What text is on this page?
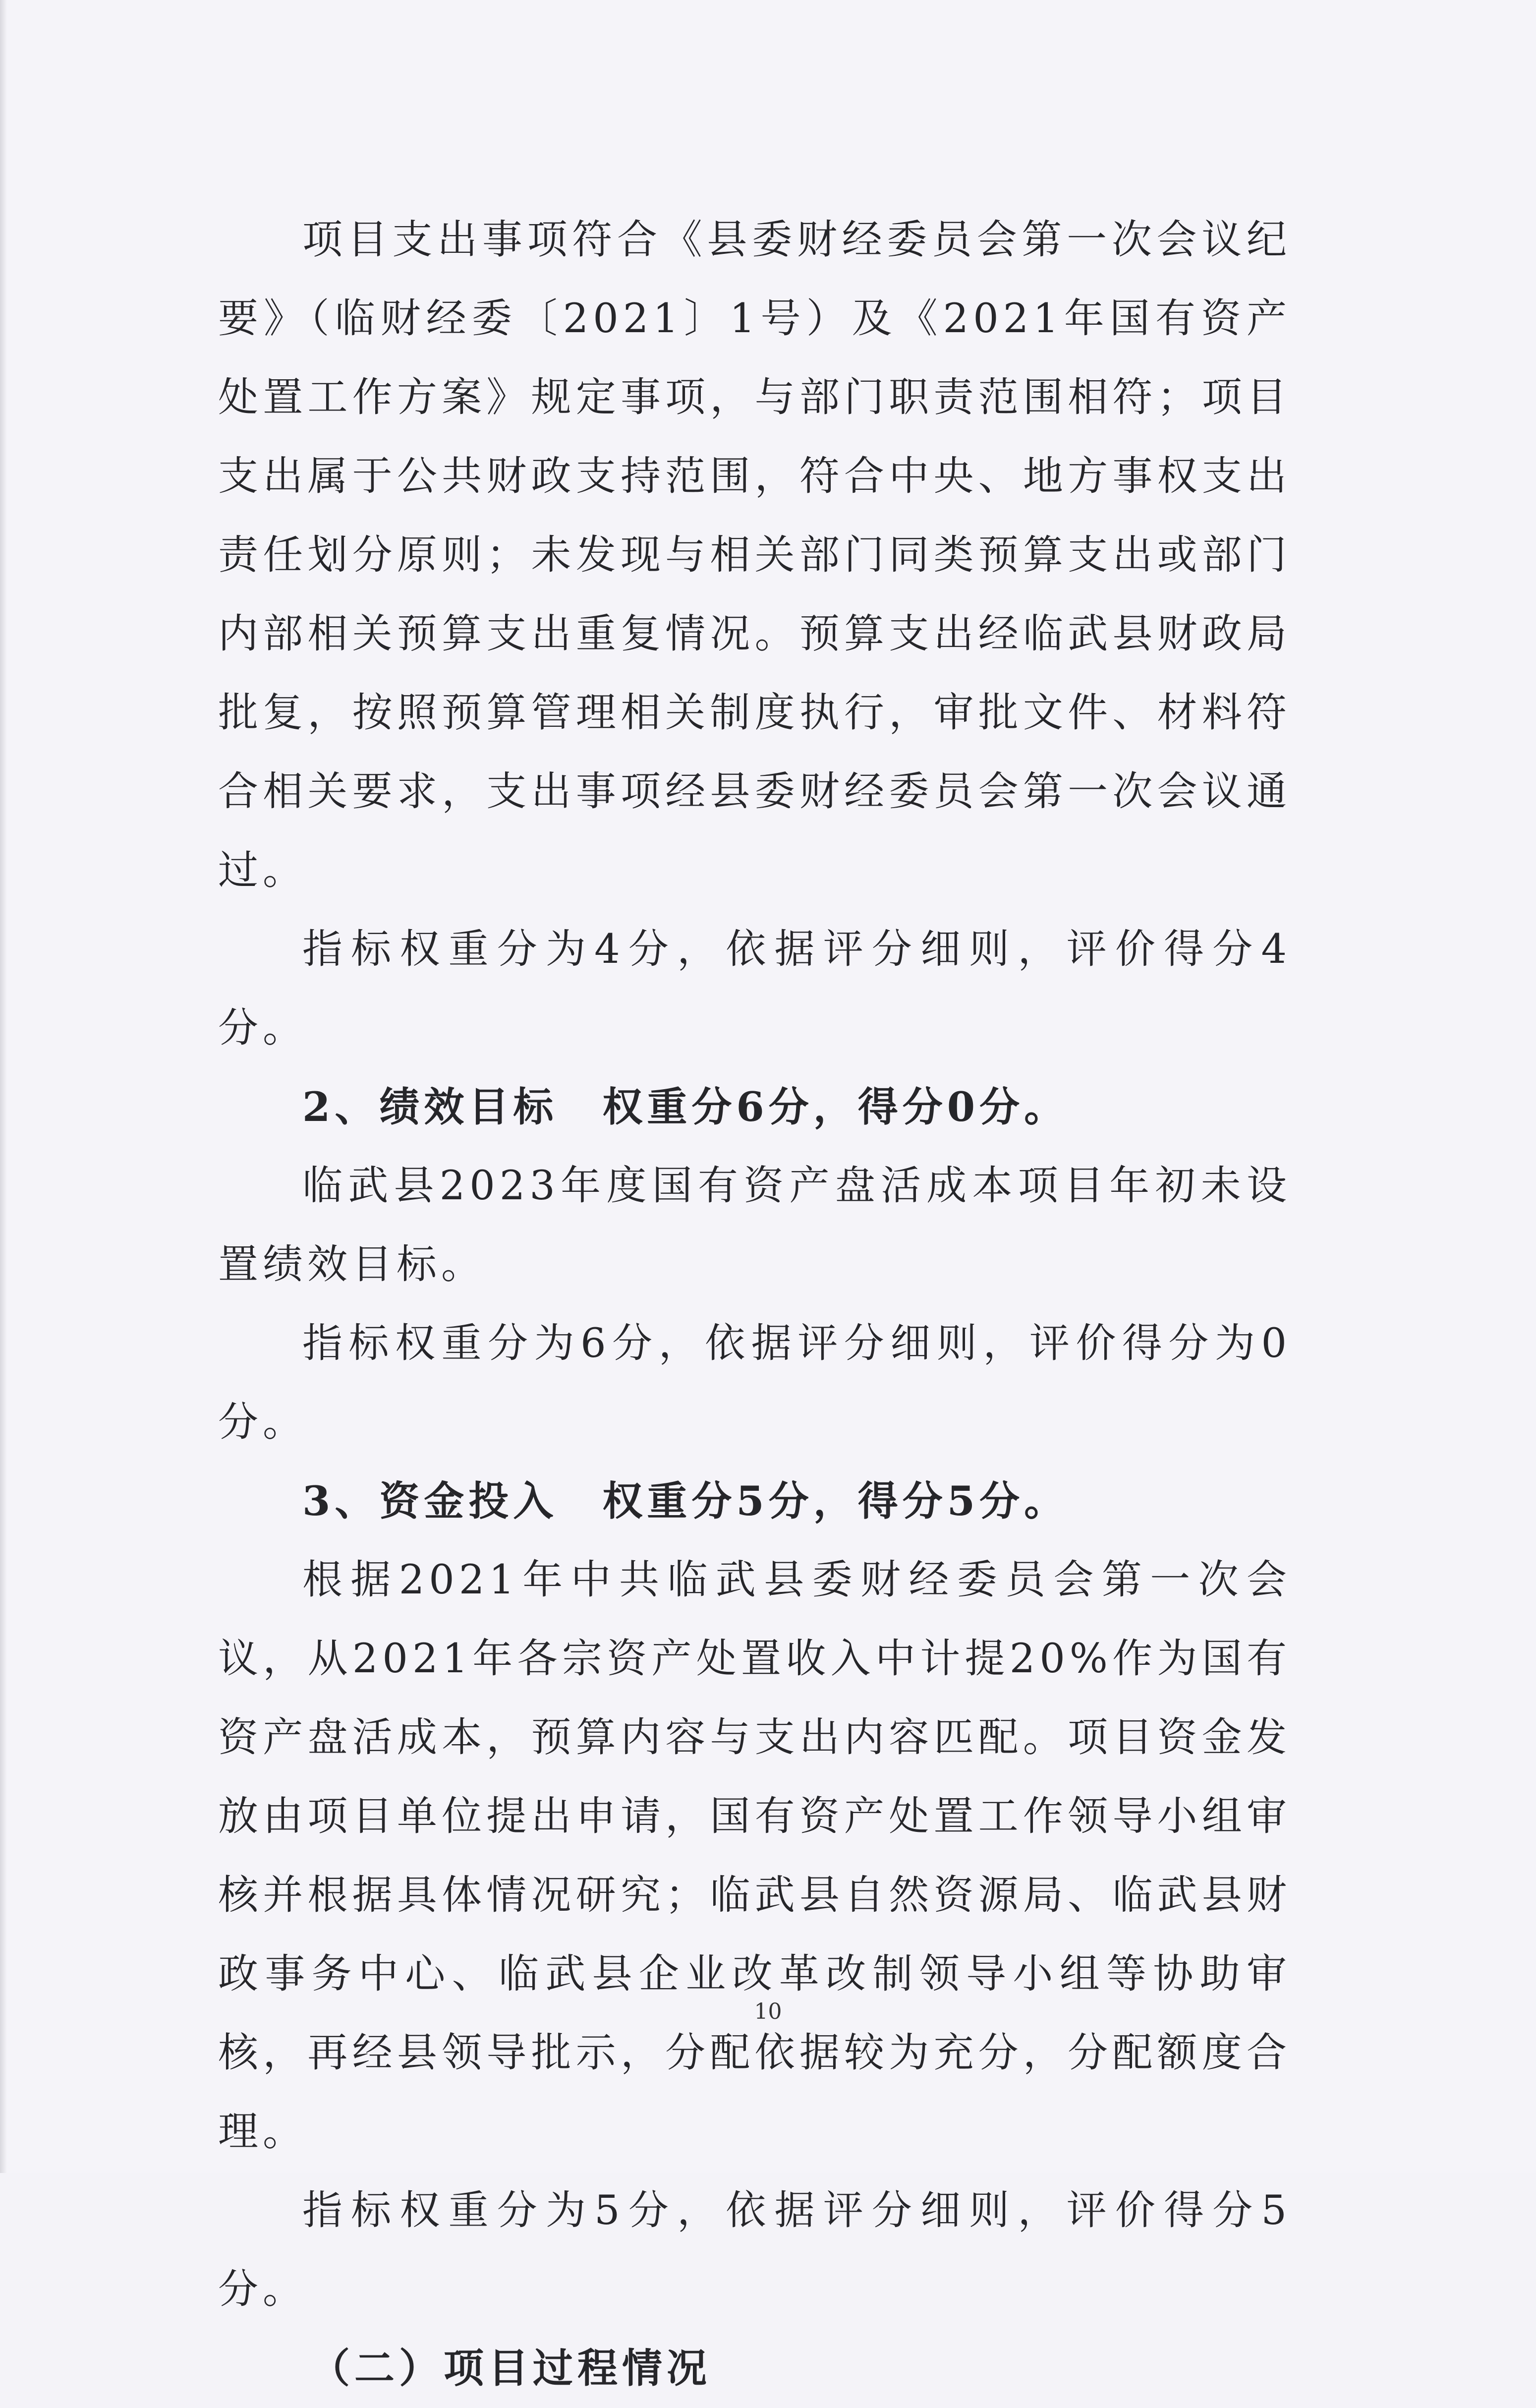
项目支出事项符合《县委财经委员会第一次会议纪要》（临财经委〔2021〕1号）及《2021年国有资产处置工作方案》规定事项，与部门职责范围相符；项目支出属于公共财政支持范围，符合中央、地方事权支出责任划分原则；未发现与相关部门同类预算支出或部门内部相关预算支出重复情况。预算支出经临武县财政局批复，按照预算管理相关制度执行，审批文件、材料符合相关要求，支出事项经县委财经委员会第一次会议通过。

指标权重分为4分，依据评分细则，评价得分4分。

2、绩效目标　权重分6分，得分0分。

临武县2023年度国有资产盘活成本项目年初未设置绩效目标。

指标权重分为6分，依据评分细则，评价得分为0分。

3、资金投入　权重分5分，得分5分。

根据2021年中共临武县委财经委员会第一次会议，从2021年各宗资产处置收入中计提20%作为国有资产盘活成本，预算内容与支出内容匹配。项目资金发放由项目单位提出申请，国有资产处置工作领导小组审核并根据具体情况研究；临武县自然资源局、临武县财政事务中心、临武县企业改革改制领导小组等协助审核，再经县领导批示，分配依据较为充分，分配额度合理。

指标权重分为5分，依据评分细则，评价得分5分。

（二）项目过程情况

10
